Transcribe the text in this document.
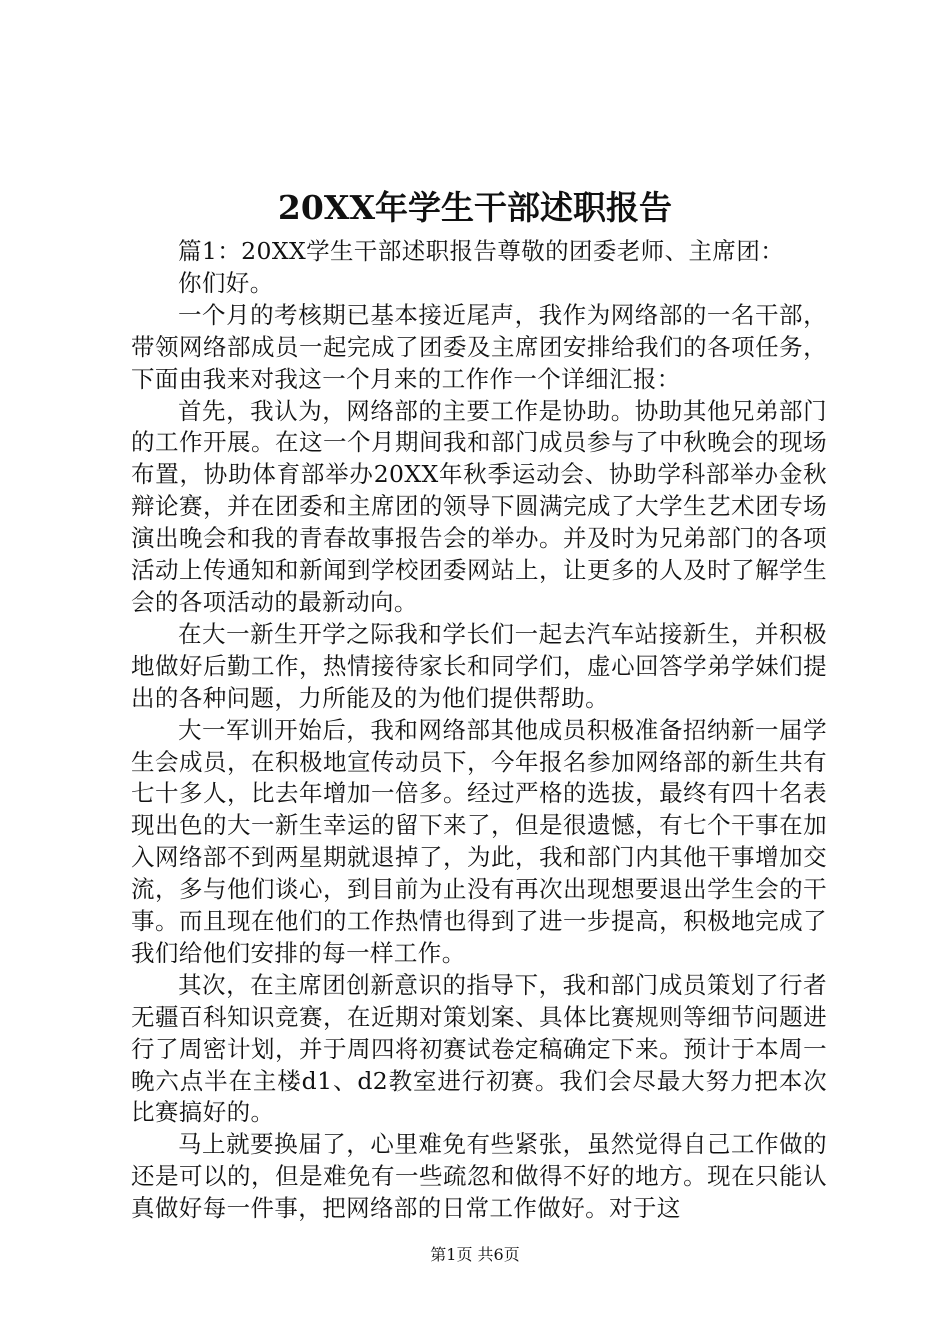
20XX年学生干部述职报告

篇1：20XX学生干部述职报告尊敬的团委老师、主席团：

你们好。

一个月的考核期已基本接近尾声，我作为网络部的一名干部，带领网络部成员一起完成了团委及主席团安排给我们的各项任务，下面由我来对我这一个月来的工作作一个详细汇报：

首先，我认为，网络部的主要工作是协助。协助其他兄弟部门的工作开展。在这一个月期间我和部门成员参与了中秋晚会的现场布置，协助体育部举办20XX年秋季运动会、协助学科部举办金秋辩论赛，并在团委和主席团的领导下圆满完成了大学生艺术团专场演出晚会和我的青春故事报告会的举办。并及时为兄弟部门的各项活动上传通知和新闻到学校团委网站上，让更多的人及时了解学生会的各项活动的最新动向。

在大一新生开学之际我和学长们一起去汽车站接新生，并积极地做好后勤工作，热情接待家长和同学们，虚心回答学弟学妹们提出的各种问题，力所能及的为他们提供帮助。

大一军训开始后，我和网络部其他成员积极准备招纳新一届学生会成员，在积极地宣传动员下，今年报名参加网络部的新生共有七十多人，比去年增加一倍多。经过严格的选拔，最终有四十名表现出色的大一新生幸运的留下来了，但是很遗憾，有七个干事在加入网络部不到两星期就退掉了，为此，我和部门内其他干事增加交流，多与他们谈心，到目前为止没有再次出现想要退出学生会的干事。而且现在他们的工作热情也得到了进一步提高，积极地完成了我们给他们安排的每一样工作。

其次，在主席团创新意识的指导下，我和部门成员策划了行者无疆百科知识竞赛，在近期对策划案、具体比赛规则等细节问题进行了周密计划，并于周四将初赛试卷定稿确定下来。预计于本周一晚六点半在主楼d1、d2教室进行初赛。我们会尽最大努力把本次比赛搞好的。

马上就要换届了，心里难免有些紧张，虽然觉得自己工作做的还是可以的，但是难免有一些疏忽和做得不好的地方。现在只能认真做好每一件事，把网络部的日常工作做好。对于这

第1页 共6页
